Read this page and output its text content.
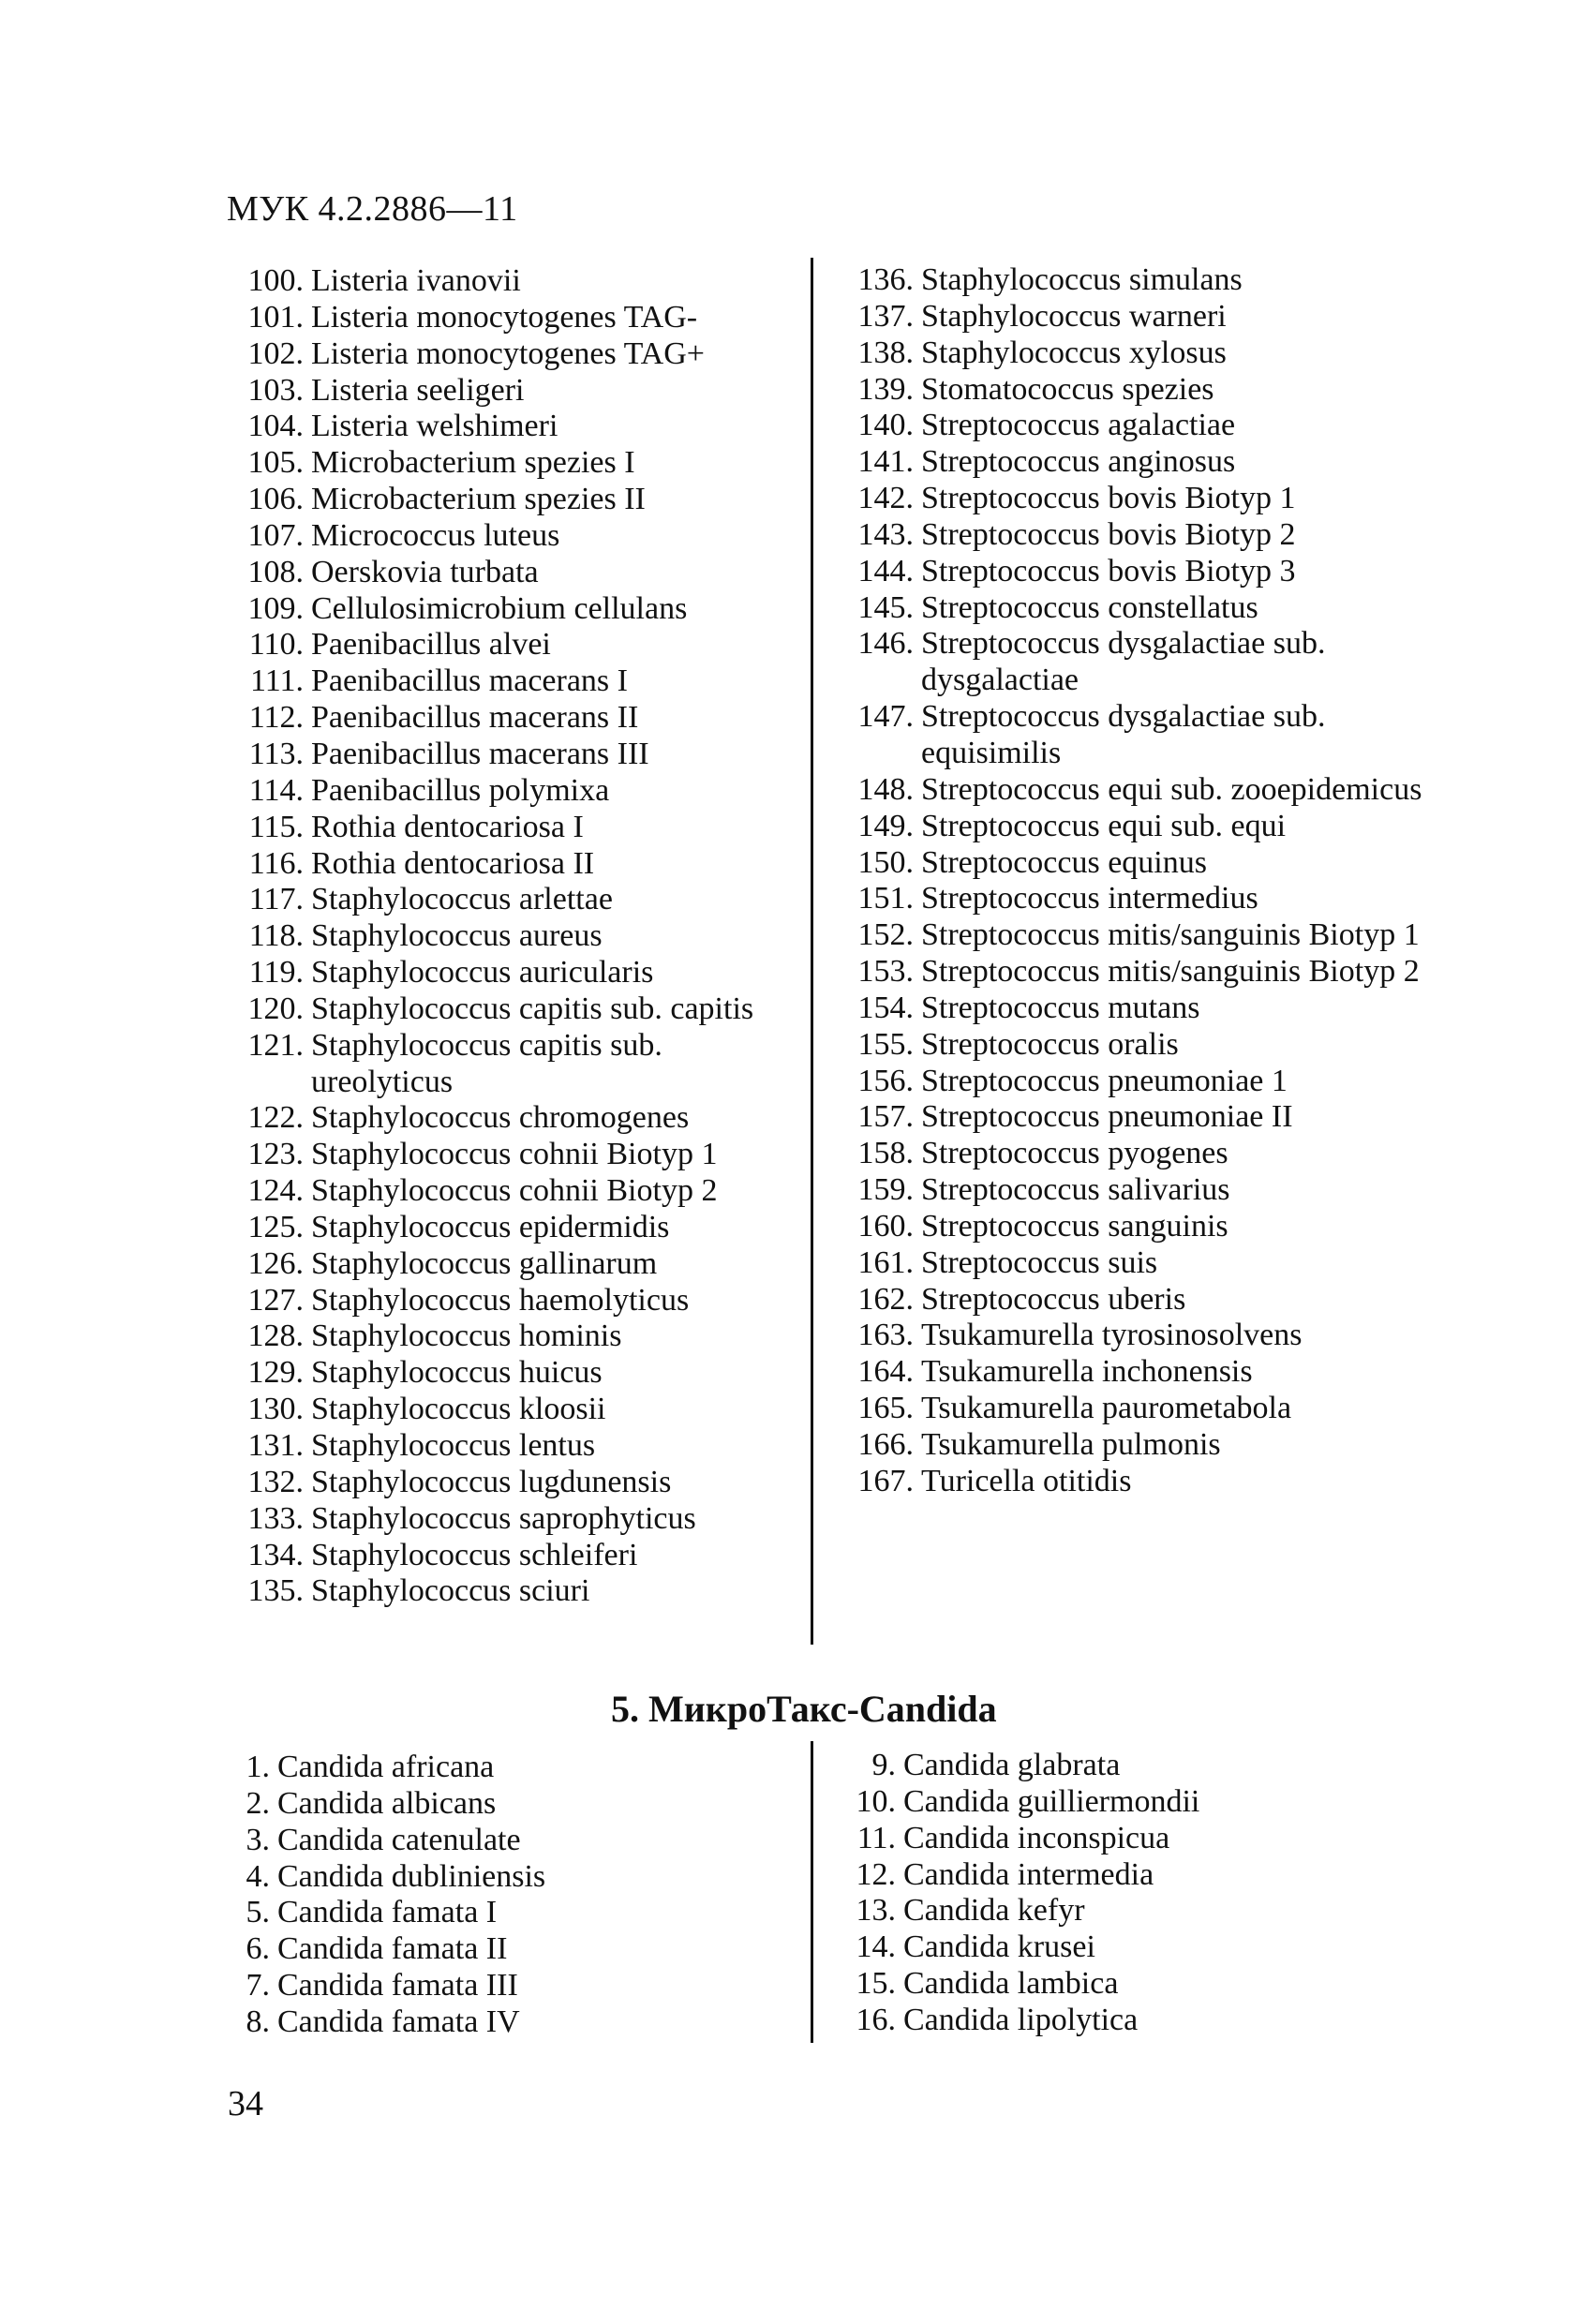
МУК 4.2.2886—11
100. Listeria ivanovii
101. Listeria monocytogenes TAG-
102. Listeria monocytogenes TAG+
103. Listeria seeligeri
104. Listeria welshimeri
105. Microbacterium spezies I
106. Microbacterium spezies II
107. Micrococcus luteus
108. Oerskovia turbata
109. Cellulosimicrobium cellulans
110. Paenibacillus alvei
111. Paenibacillus macerans I
112. Paenibacillus macerans II
113. Paenibacillus macerans III
114. Paenibacillus polymixa
115. Rothia dentocariosa I
116. Rothia dentocariosa II
117. Staphylococcus arlettae
118. Staphylococcus aureus
119. Staphylococcus auricularis
120. Staphylococcus capitis sub. capitis
121. Staphylococcus capitis sub. ureolyticus
122. Staphylococcus chromogenes
123. Staphylococcus cohnii Biotyp 1
124. Staphylococcus cohnii Biotyp 2
125. Staphylococcus epidermidis
126. Staphylococcus gallinarum
127. Staphylococcus haemolyticus
128. Staphylococcus hominis
129. Staphylococcus huicus
130. Staphylococcus kloosii
131. Staphylococcus lentus
132. Staphylococcus lugdunensis
133. Staphylococcus saprophyticus
134. Staphylococcus schleiferi
135. Staphylococcus sciuri
136. Staphylococcus simulans
137. Staphylococcus warneri
138. Staphylococcus xylosus
139. Stomatococcus spezies
140. Streptococcus agalactiae
141. Streptococcus anginosus
142. Streptococcus bovis Biotyp 1
143. Streptococcus bovis Biotyp 2
144. Streptococcus bovis Biotyp 3
145. Streptococcus constellatus
146. Streptococcus dysgalactiae sub. dysgalactiae
147. Streptococcus dysgalactiae sub. equisimilis
148. Streptococcus equi sub. zooepidemicus
149. Streptococcus equi sub. equi
150. Streptococcus equinus
151. Streptococcus intermedius
152. Streptococcus mitis/sanguinis Biotyp 1
153. Streptococcus mitis/sanguinis Biotyp 2
154. Streptococcus mutans
155. Streptococcus oralis
156. Streptococcus pneumoniae 1
157. Streptococcus pneumoniae II
158. Streptococcus pyogenes
159. Streptococcus salivarius
160. Streptococcus sanguinis
161. Streptococcus suis
162. Streptococcus uberis
163. Tsukamurella tyrosinosolvens
164. Tsukamurella inchonensis
165. Tsukamurella paurometabola
166. Tsukamurella pulmonis
167. Turicella otitidis
5. МикроТакс-Candida
1. Candida africana
2. Candida albicans
3. Candida catenulate
4. Candida dubliniensis
5. Candida famata I
6. Candida famata II
7. Candida famata III
8. Candida famata IV
9. Candida glabrata
10. Candida guilliermondii
11. Candida inconspicua
12. Candida intermedia
13. Candida kefyr
14. Candida krusei
15. Candida lambica
16. Candida lipolytica
34
